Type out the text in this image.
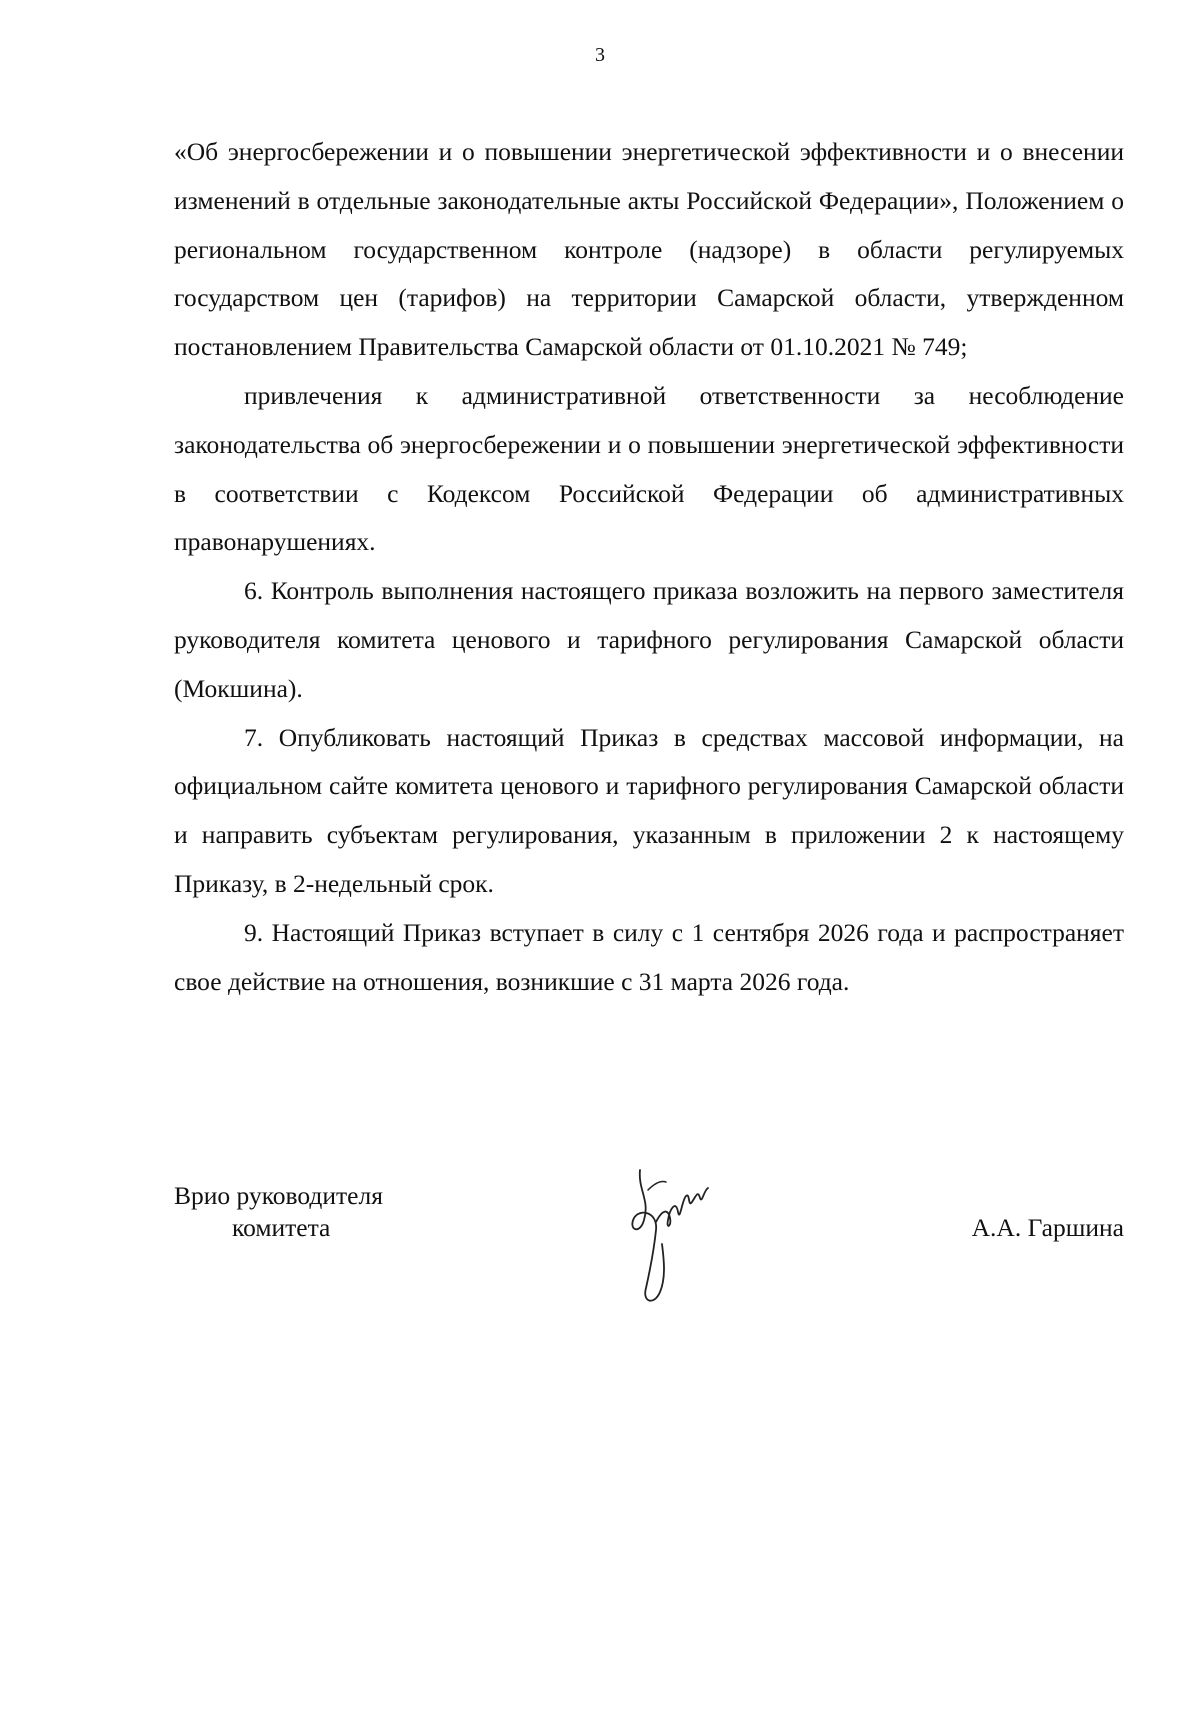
3

«Об энергосбережении и о повышении энергетической эффективности и о внесении изменений в отдельные законодательные акты Российской Федерации», Положением о региональном государственном контроле (надзоре) в области регулируемых государством цен (тарифов) на территории Самарской области, утвержденном постановлением Правительства Самарской области от 01.10.2021 № 749;

привлечения к административной ответственности за несоблюдение законодательства об энергосбережении и о повышении энергетической эффективности в соответствии с Кодексом Российской Федерации об административных правонарушениях.

6. Контроль выполнения настоящего приказа возложить на первого заместителя руководителя комитета ценового и тарифного регулирования Самарской области (Мокшина).

7. Опубликовать настоящий Приказ в средствах массовой информации, на официальном сайте комитета ценового и тарифного регулирования Самарской области и направить субъектам регулирования, указанным в приложении 2 к настоящему Приказу, в 2-недельный срок.

9. Настоящий Приказ вступает в силу с 1 сентября 2026 года и распространяет свое действие на отношения, возникшие с 31 марта 2026 года.

Врио руководителя
комитета	А.А. Гаршина
